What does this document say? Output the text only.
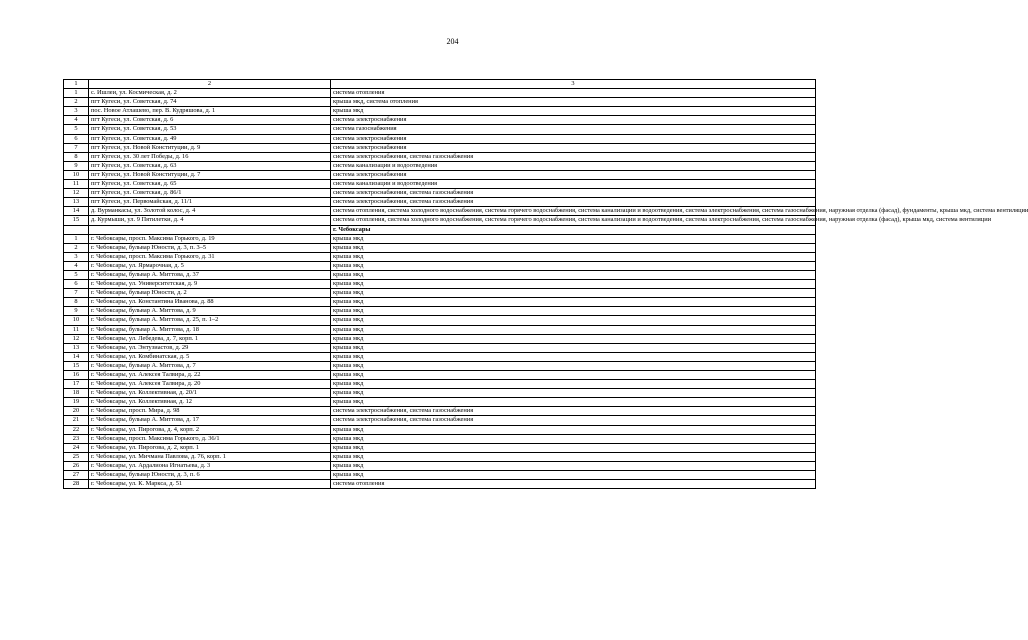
204
1	2	3
1	с. Ишлеи, ул. Космическая, д. 2	система отопления
2	пгт Кугеси, ул. Советская, д. 74	крыша мкд, система отопления
3	пос. Новое Атлашево, пер. В. Кудряшова, д. 1	крыша мкд
4	пгт Кугеси, ул. Советская, д. 6	система электроснабжения
5	пгт Кугеси, ул. Советская, д. 53	система газоснабжения
6	пгт Кугеси, ул. Советская, д. 49	система электроснабжения
7	пгт Кугеси, ул. Новой Конституции, д. 9	система электроснабжения
8	пгт Кугеси, ул. 30 лет Победы, д. 16	система электроснабжения, система газоснабжения
9	пгт Кугеси, ул. Советская, д. 63	система канализации и водоотведения
10	пгт Кугеси, ул. Новой Конституции, д. 7	система электроснабжения
11	пгт Кугеси, ул. Советская, д. 65	система канализации и водоотведения
12	пгт Кугеси, ул. Советская, д. 86/1	система электроснабжения, система газоснабжения
13	пгт Кугеси, ул. Первомайская, д. 11/1	система электроснабжения, система газоснабжения
14	д. Вурманкасы, ул. Золотой колос, д. 4	система отопления, система холодного водоснабжения, система горячего водоснабжения, система канализации и водоотведения, система электроснабжения, система газоснабжения, наружная отделка (фасад), фундаменты, крыша мкд, система вентиляции
15	д. Курмыши, ул. 9 Пятилетки, д. 4	система отопления, система холодного водоснабжения, система горячего водоснабжения, система канализации и водоотведения, система электроснабжения, система газоснабжения, наружная отделка (фасад), крыша мкд, система вентиляции
		г. Чебоксары
1	г. Чебоксары, просп. Максима Горького, д. 19	крыша мкд
2	г. Чебоксары, бульвар Юности, д. 3, п. 3–5	крыша мкд
3	г. Чебоксары, просп. Максима Горького, д. 31	крыша мкд
4	г. Чебоксары, ул. Ярмарочная, д. 5	крыша мкд
5	г. Чебоксары, бульвар А. Миттова, д. 37	крыша мкд
6	г. Чебоксары, ул. Университетская, д. 9	крыша мкд
7	г. Чебоксары, бульвар Юности, д. 2	крыша мкд
8	г. Чебоксары, ул. Константина Иванова, д. 88	крыша мкд
9	г. Чебоксары, бульвар А. Миттова, д. 9	крыша мкд
10	г. Чебоксары, бульвар А. Миттова, д. 25, п. 1–2	крыша мкд
11	г. Чебоксары, бульвар А. Миттова, д. 18	крыша мкд
12	г. Чебоксары, ул. Лебедева, д. 7, корп. 1	крыша мкд
13	г. Чебоксары, ул. Энтузиастов, д. 29	крыша мкд
14	г. Чебоксары, ул. Комбинатская, д. 5	крыша мкд
15	г. Чебоксары, бульвар А. Миттова, д. 7	крыша мкд
16	г. Чебоксары, ул. Алексея Талвира, д. 22	крыша мкд
17	г. Чебоксары, ул. Алексея Талвира, д. 20	крыша мкд
18	г. Чебоксары, ул. Коллективная, д. 20/1	крыша мкд
19	г. Чебоксары, ул. Коллективная, д. 12	крыша мкд
20	г. Чебоксары, просп. Мира, д. 98	система электроснабжения, система газоснабжения
21	г. Чебоксары, бульвар А. Миттова, д. 17	система электроснабжения, система газоснабжения
22	г. Чебоксары, ул. Пирогова, д. 4, корп. 2	крыша мкд
23	г. Чебоксары, просп. Максима Горького, д. 36/1	крыша мкд
24	г. Чебоксары, ул. Пирогова, д. 2, корп. 1	крыша мкд
25	г. Чебоксары, ул. Мичмана Павлова, д. 76, корп. 1	крыша мкд
26	г. Чебоксары, ул. Ардалиона Игнатьева, д. 3	крыша мкд
27	г. Чебоксары, бульвар Юности, д. 3, п. 6	крыша мкд
28	г. Чебоксары, ул. К. Маркса, д. 51	система отопления
